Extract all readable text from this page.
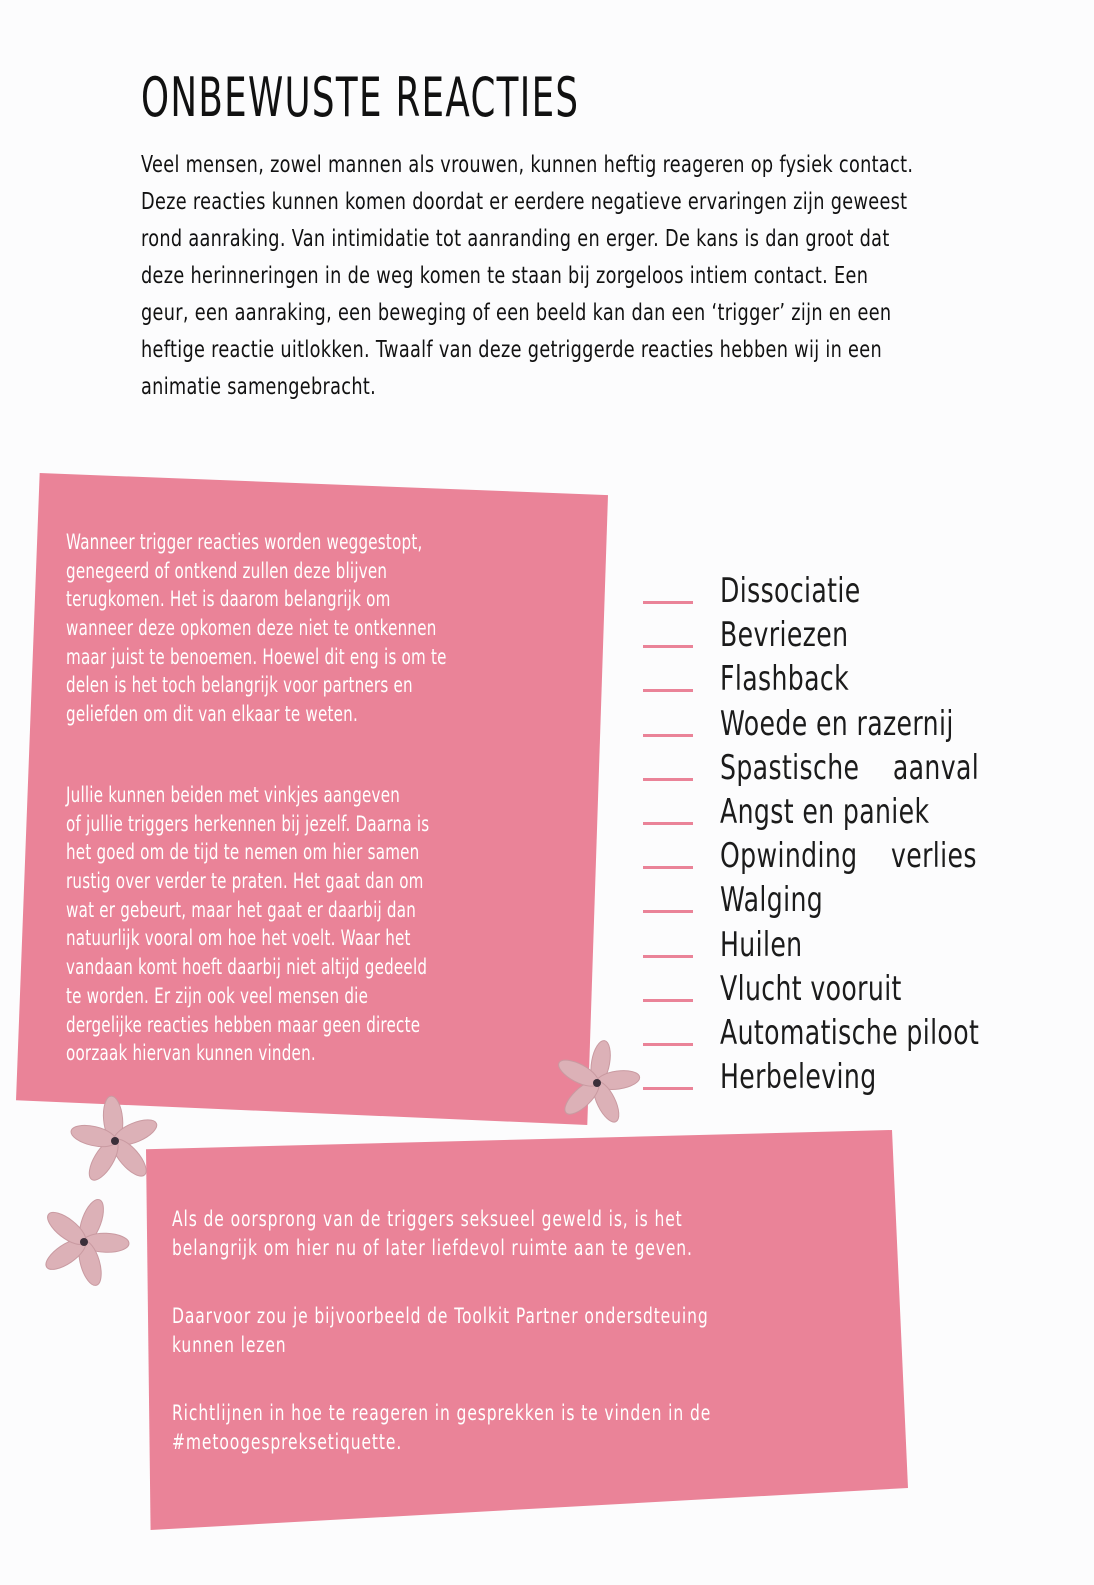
ONBEWUSTE REACTIES
Veel mensen, zowel mannen als vrouwen, kunnen heftig reageren op fysiek contact.
Deze reacties kunnen komen doordat er eerdere negatieve ervaringen zijn geweest
rond aanraking. Van intimidatie tot aanranding en erger. De kans is dan groot dat
deze herinneringen in de weg komen te staan bij zorgeloos intiem contact. Een
geur, een aanraking, een beweging of een beeld kan dan een ‘trigger’ zijn en een
heftige reactie uitlokken. Twaalf van deze getriggerde reacties hebben wij in een
animatie samengebracht.
Wanneer trigger reacties worden weggestopt,
genegeerd of ontkend zullen deze blijven
terugkomen. Het is daarom belangrijk om
wanneer deze opkomen deze niet te ontkennen
maar juist te benoemen. Hoewel dit eng is om te
delen is het toch belangrijk voor partners en
geliefden om dit van elkaar te weten.
Jullie kunnen beiden met vinkjes aangeven
of jullie triggers herkennen bij jezelf. Daarna is
het goed om de tijd te nemen om hier samen
rustig over verder te praten. Het gaat dan om
wat er gebeurt, maar het gaat er daarbij dan
natuurlijk vooral om hoe het voelt. Waar het
vandaan komt hoeft daarbij niet altijd gedeeld
te worden. Er zijn ook veel mensen die
dergelijke reacties hebben maar geen directe
oorzaak hiervan kunnen vinden.
Dissociatie
Bevriezen
Flashback
Woede en razernij
Spastische    aanval
Angst en paniek
Opwinding    verlies
Walging
Huilen
Vlucht vooruit
Automatische piloot
Herbeleving
Als de oorsprong van de triggers seksueel geweld is, is het
belangrijk om hier nu of later liefdevol ruimte aan te geven.
Daarvoor zou je bijvoorbeeld de Toolkit Partner ondersdteuing
kunnen lezen
Richtlijnen in hoe te reageren in gesprekken is te vinden in de
#metoogespreksetiquette.
